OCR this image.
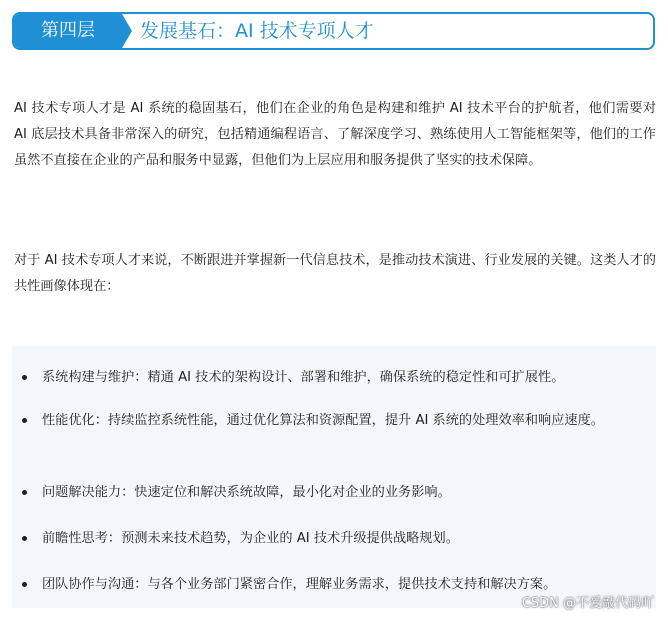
第四层	发展基石：AI 技术专项人才

AI 技术专项人才是 AI 系统的稳固基石，他们在企业的角色是构建和维护 AI 技术平台的护航者，他们需要对 AI 底层技术具备非常深入的研究，包括精通编程语言、了解深度学习、熟练使用人工智能框架等，他们的工作虽然不直接在企业的产品和服务中显露，但他们为上层应用和服务提供了坚实的技术保障。

对于 AI 技术专项人才来说，不断跟进并掌握新一代信息技术，是推动技术演进、行业发展的关键。这类人才的共性画像体现在：

系统构建与维护：精通 AI 技术的架构设计、部署和维护，确保系统的稳定性和可扩展性。
性能优化：持续监控系统性能，通过优化算法和资源配置，提升 AI 系统的处理效率和响应速度。
问题解决能力：快速定位和解决系统故障，最小化对企业的业务影响。
前瞻性思考：预测未来技术趋势，为企业的 AI 技术升级提供战略规划。
团队协作与沟通：与各个业务部门紧密合作，理解业务需求，提供技术支持和解决方案。
CSDN @不爱敲代码吖
